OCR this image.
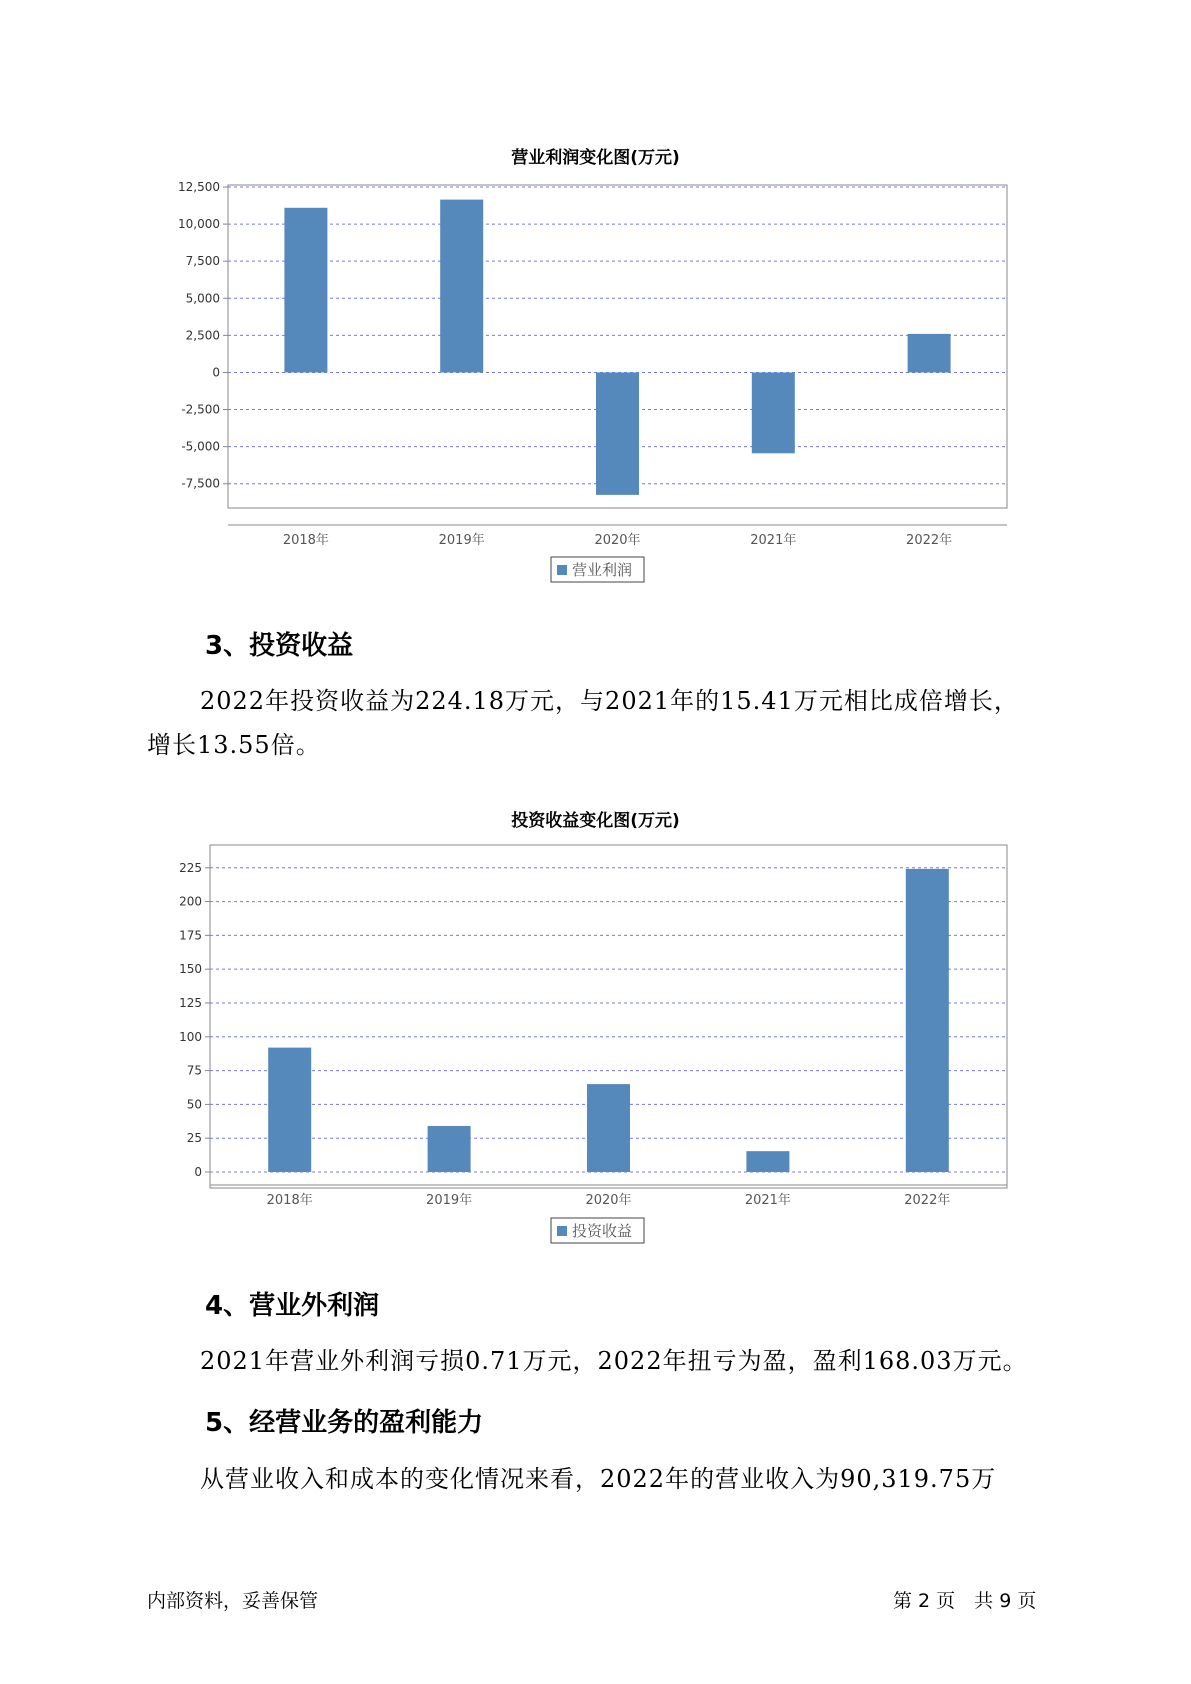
营业利润变化图(万元)
12,500
10,000
7,500
5,000
2,500
0
-2,500
-5,000
-7,500
2018年	2019年	2020年	2021年	2022年
营业利润
3、投资收益
2022年投资收益为224.18万元，与2021年的15.41万元相比成倍增长，
增长13.55倍。
投资收益变化图(万元)
225
200
175
150
125
100
75
50
25
0
2018年	2019年	2020年	2021年	2022年
投资收益
4、营业外利润
2021年营业外利润亏损0.71万元，2022年扭亏为盈，盈利168.03万元。
5、经营业务的盈利能力
从营业收入和成本的变化情况来看，2022年的营业收入为90,319.75万
内部资料，妥善保管	第 2 页　共 9 页
